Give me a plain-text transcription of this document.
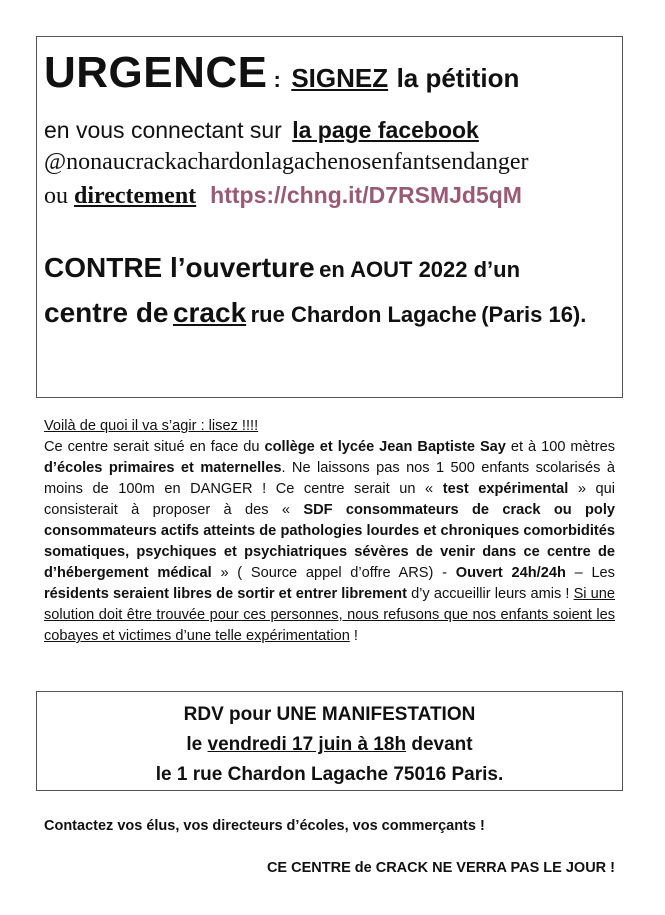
URGENCE : SIGNEZ la pétition
en vous connectant sur la page facebook
@nonaucrackachardonlagachenosenfantsendanger
ou directement https://chng.it/D7RSMJd5qM
CONTRE l’ouverture en AOUT 2022 d’un centre de crack rue Chardon Lagache (Paris 16).
Voilà de quoi il va s’agir : lisez !!!!
Ce centre serait situé en face du collège et lycée Jean Baptiste Say et à 100 mètres d’écoles primaires et maternelles. Ne laissons pas nos 1 500 enfants scolarisés à moins de 100m en DANGER ! Ce centre serait un « test expérimental » qui consisterait à proposer à des « SDF consommateurs de crack ou poly consommateurs actifs atteints de pathologies lourdes et chroniques comorbidités somatiques, psychiques et psychiatriques sévères de venir dans ce centre de d’hébergement médical » ( Source appel d’offre ARS) - Ouvert 24h/24h – Les résidents seraient libres de sortir et entrer librement d’y accueillir leurs amis ! Si une solution doit être trouvée pour ces personnes, nous refusons que nos enfants soient les cobayes et victimes d’une telle expérimentation !
RDV pour UNE MANIFESTATION
le vendredi 17 juin à 18h devant
le 1 rue Chardon Lagache 75016 Paris.
Contactez vos élus, vos directeurs d’écoles, vos commerçants !
CE CENTRE de CRACK NE VERRA PAS LE JOUR !
